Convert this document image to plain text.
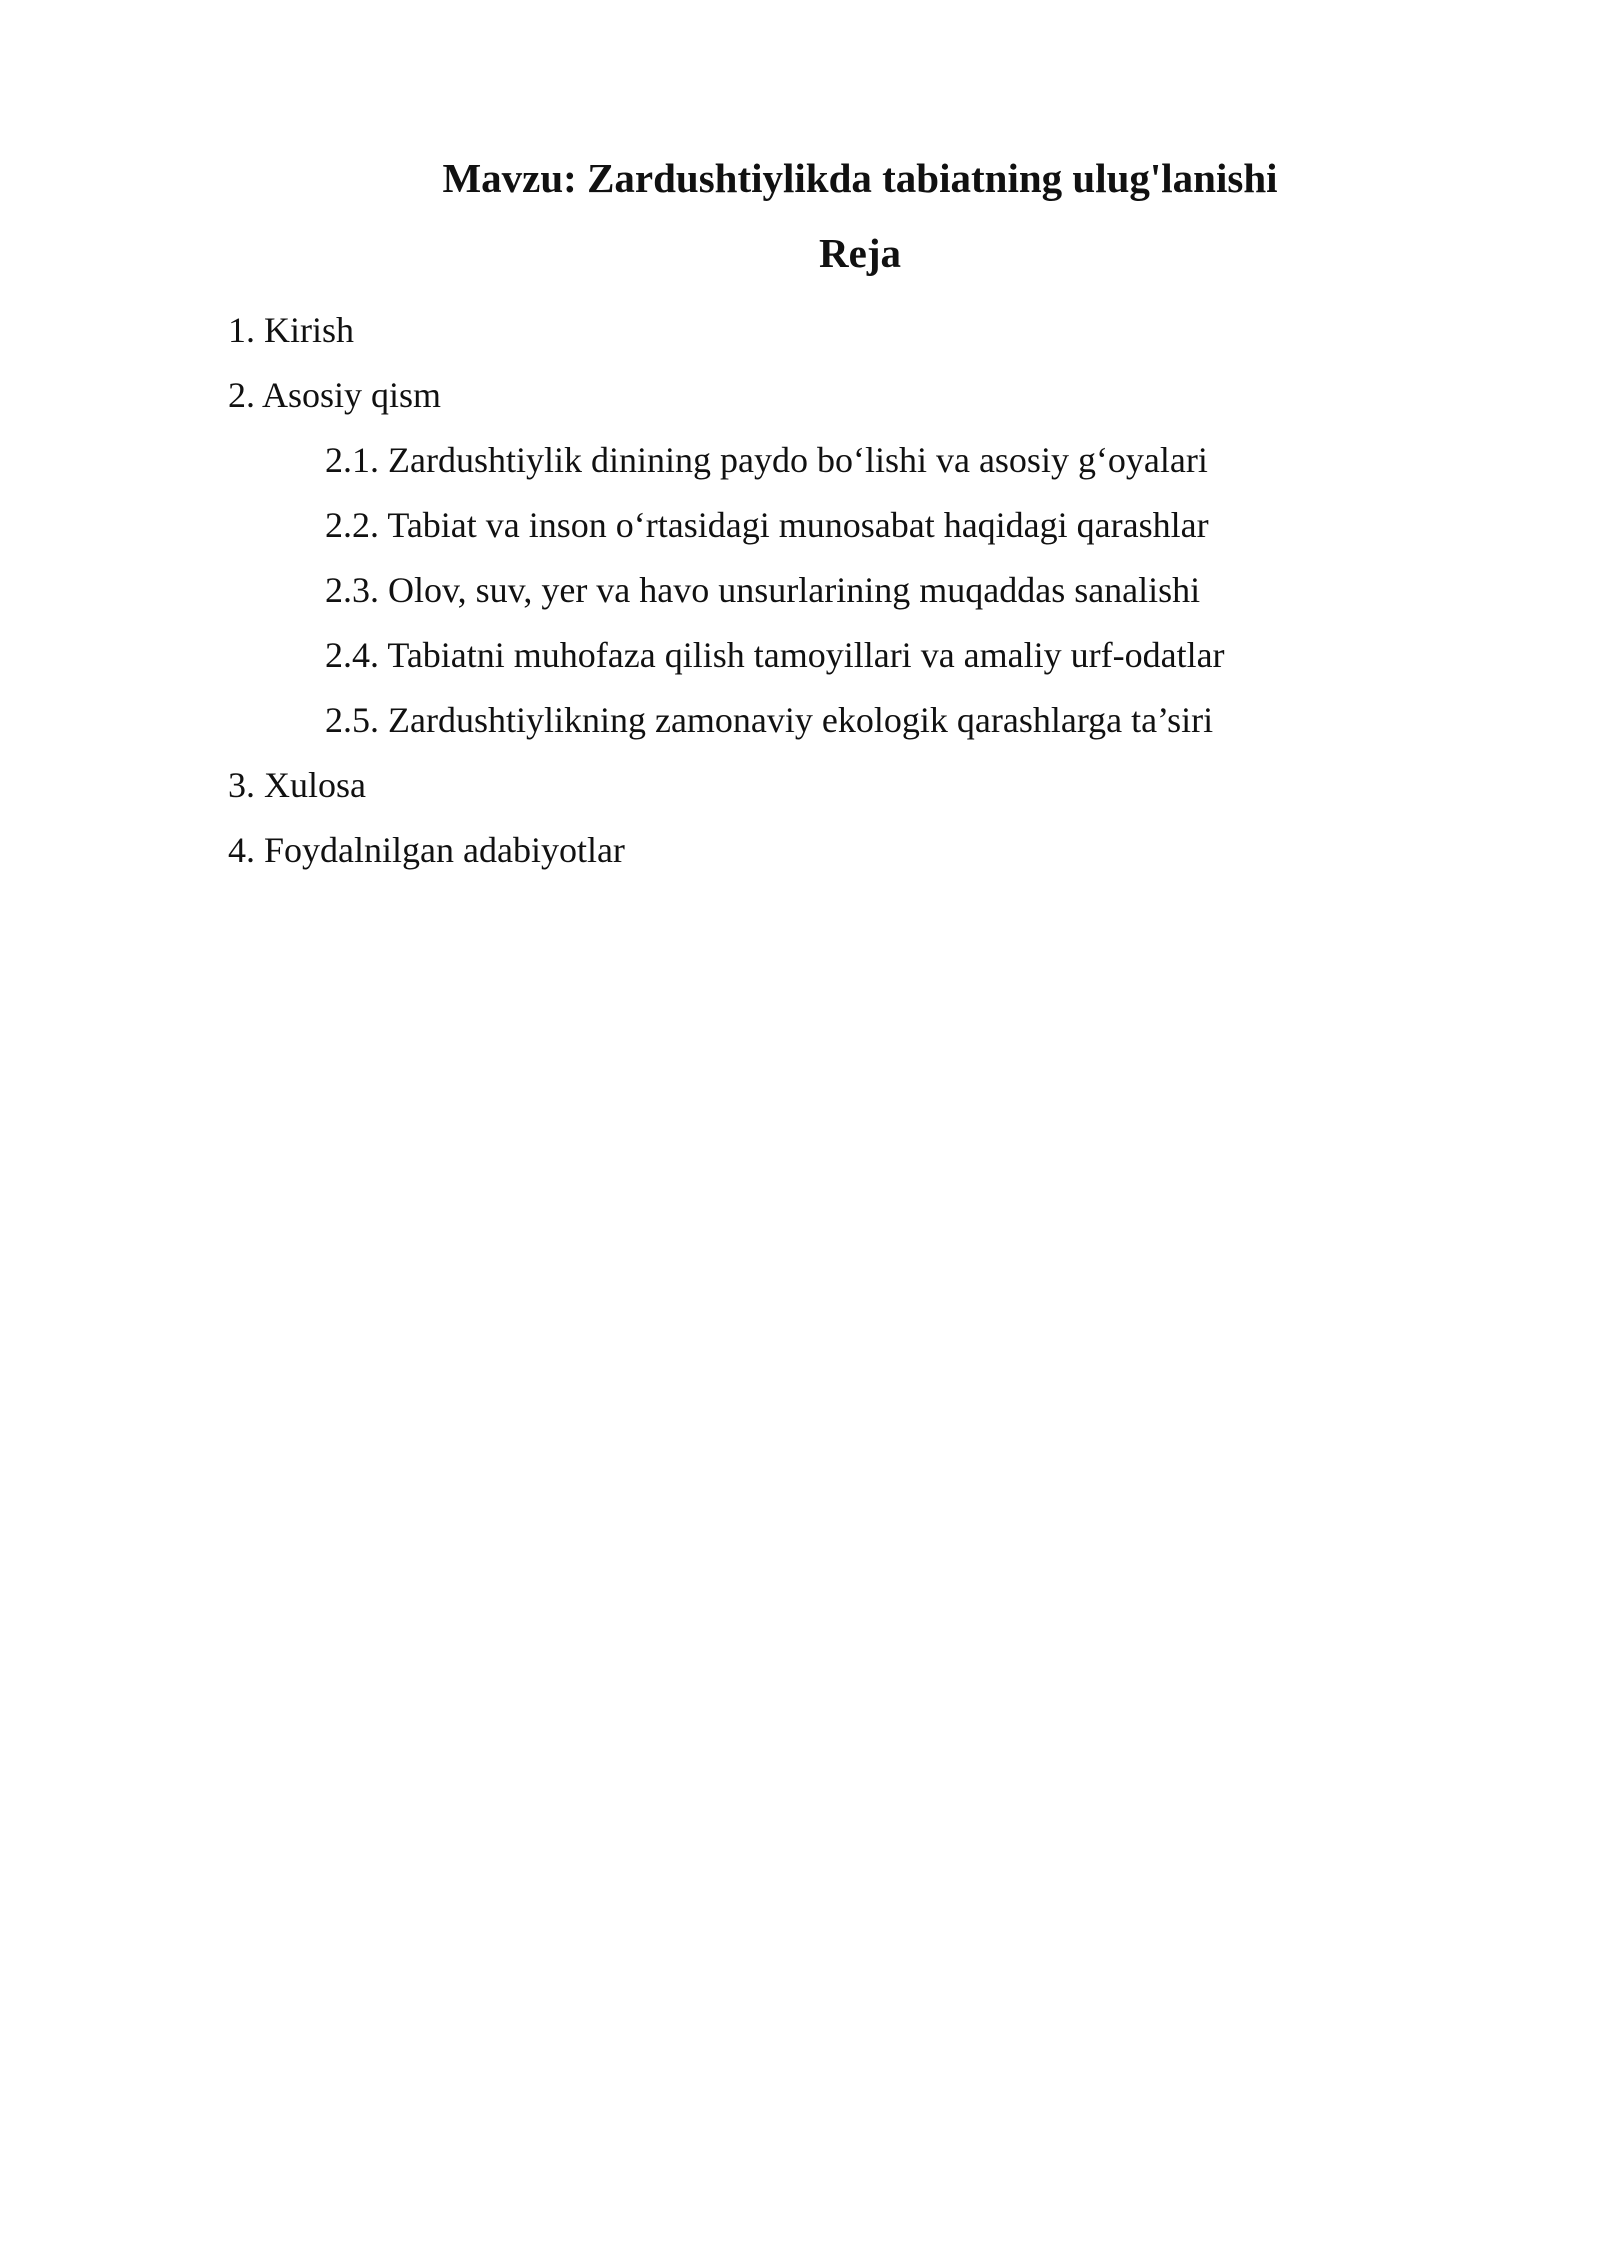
Mavzu: Zardushtiylikda tabiatning ulug'lanishi
Reja
1. Kirish
2. Asosiy qism
2.1. Zardushtiylik dinining paydo bo‘lishi va asosiy g‘oyalari
2.2. Tabiat va inson o‘rtasidagi munosabat haqidagi qarashlar
2.3. Olov, suv, yer va havo unsurlarining muqaddas sanalishi
2.4. Tabiatni muhofaza qilish tamoyillari va amaliy urf-odatlar
2.5. Zardushtiylikning zamonaviy ekologik qarashlarga ta’siri
3. Xulosa
4. Foydalnilgan adabiyotlar
